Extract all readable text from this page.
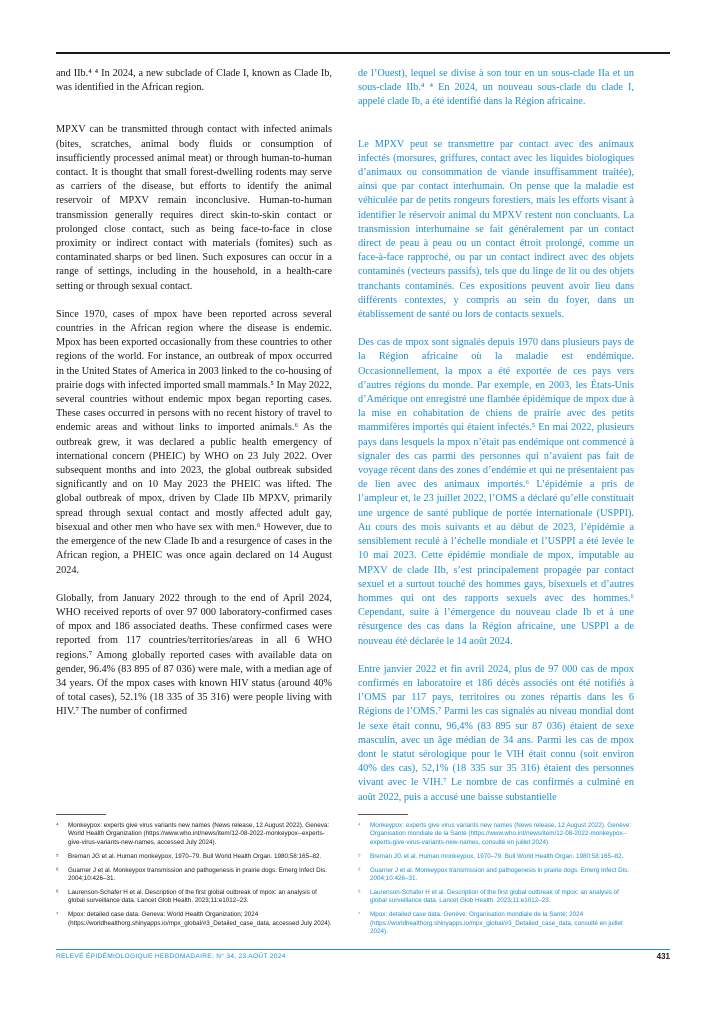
and IIb.⁴ ⁴ In 2024, a new subclade of Clade I, known as Clade Ib, was identified in the African region.

MPXV can be transmitted through contact with infected animals (bites, scratches, animal body fluids or consumption of insufficiently processed animal meat) or through human-to-human contact. It is thought that small forest-dwelling rodents may serve as carriers of the disease, but efforts to identify the animal reservoir of MPXV remain inconclusive. Human-to-human transmission generally requires direct skin-to-skin contact or prolonged close contact, such as being face-to-face in close proximity or indirect contact with materials (fomites) such as contaminated sharps or bed linen. Such exposures can occur in a range of settings, including in the household, in a health-care setting or through sexual contact.

Since 1970, cases of mpox have been reported across several countries in the African region where the disease is endemic. Mpox has been exported occasionally from these countries to other regions of the world. For instance, an outbreak of mpox occurred in the United States of America in 2003 linked to the co-housing of prairie dogs with infected imported small mammals.⁵ In May 2022, several countries without endemic mpox began reporting cases. These cases occurred in persons with no recent history of travel to endemic areas and without links to imported animals.⁶ As the outbreak grew, it was declared a public health emergency of international concern (PHEIC) by WHO on 23 July 2022. Over subsequent months and into 2023, the global outbreak subsided significantly and on 10 May 2023 the PHEIC was lifted. The global outbreak of mpox, driven by Clade IIb MPXV, primarily spread through sexual contact and mostly affected adult gay, bisexual and other men who have sex with men.⁶ However, due to the emergence of the new Clade Ib and a resurgence of cases in the African region, a PHEIC was once again declared on 14 August 2024.

Globally, from January 2022 through to the end of April 2024, WHO received reports of over 97 000 laboratory-confirmed cases of mpox and 186 associated deaths. These confirmed cases were reported from 117 countries/territories/areas in all 6 WHO regions.⁷ Among globally reported cases with available data on gender, 96.4% (83 895 of 87 036) were male, with a median age of 34 years. Of the mpox cases with known HIV status (around 40% of total cases), 52.1% (18 335 of 35 316) were people living with HIV.⁷ The number of confirmed

de l’Ouest), lequel se divise à son tour en un sous-clade IIa et un sous-clade IIb.⁴ ⁴ En 2024, un nouveau sous-clade du clade I, appelé clade Ib, a été identifié dans la Région africaine.

Le MPXV peut se transmettre par contact avec des animaux infectés (morsures, griffures, contact avec les liquides biologiques d’animaux ou consommation de viande insuffisamment traitée), ainsi que par contact interhumain. On pense que la maladie est véhiculée par de petits rongeurs forestiers, mais les efforts visant à identifier le réservoir animal du MPXV restent non concluants. La transmission interhumaine se fait généralement par un contact direct de peau à peau ou un contact étroit prolongé, comme un face-à-face rapproché, ou par un contact indirect avec des objets contaminés (vecteurs passifs), tels que du linge de lit ou des objets tranchants contaminés. Ces expositions peuvent avoir lieu dans différents contextes, y compris au sein du foyer, dans un établissement de santé ou lors de contacts sexuels.

Des cas de mpox sont signalés depuis 1970 dans plusieurs pays de la Région africaine où la maladie est endémique. Occasionnellement, la mpox a été exportée de ces pays vers d’autres régions du monde. Par exemple, en 2003, les États-Unis d’Amérique ont enregistré une flambée épidémique de mpox due à la mise en cohabitation de chiens de prairie avec des petits mammifères importés qui étaient infectés.⁵ En mai 2022, plusieurs pays dans lesquels la mpox n’était pas endémique ont commencé à signaler des cas parmi des personnes qui n’avaient pas fait de voyage récent dans des zones d’endémie et qui ne présentaient pas de lien avec des animaux importés.⁶ L’épidémie a pris de l’ampleur et, le 23 juillet 2022, l’OMS a déclaré qu’elle constituait une urgence de santé publique de portée internationale (USPPI). Au cours des mois suivants et au début de 2023, l’épidémie a sensiblement reculé à l’échelle mondiale et l’USPPI a été levée le 10 mai 2023. Cette épidémie mondiale de mpox, imputable au MPXV de clade IIb, s’est principalement propagée par contact sexuel et a surtout touché des hommes gays, bisexuels et d’autres hommes qui ont des rapports sexuels avec des hommes.⁶ Cependant, suite à l’émergence du nouveau clade Ib et à une résurgence des cas dans la Région africaine, une USPPI a de nouveau été déclarée le 14 août 2024.

Entre janvier 2022 et fin avril 2024, plus de 97 000 cas de mpox confirmés en laboratoire et 186 décès associés ont été notifiés à l’OMS par 117 pays, territoires ou zones répartis dans les 6 Régions de l’OMS.⁷ Parmi les cas signalés au niveau mondial dont le sexe était connu, 96,4% (83 895 sur 87 036) étaient de sexe masculin, avec un âge médian de 34 ans. Parmi les cas de mpox dont le statut sérologique pour le VIH était connu (soit environ 40% des cas), 52,1% (18 335 sur 35 316) étaient des personnes vivant avec le VIH.⁷ Le nombre de cas confirmés a culminé en août 2022, puis a accusé une baisse substantielle

⁴	Monkeypox: experts give virus variants new names (News release, 12 August 2022). Geneva: World Health Organization (https://www.who.int/news/item/12-08-2022-monkeypox--experts-give-virus-variants-new-names, accessed July 2024).
⁵	Breman JG et al. Human monkeypox, 1970–79. Bull World Health Organ. 1980;58:165–82.
⁶	Guarner J et al. Monkeypox transmission and pathogenesis in prairie dogs. Emerg Infect Dis. 2004;10:426–31.
⁶	Laurenson-Schafer H et al. Description of the first global outbreak of mpox: an analysis of global surveillance data. Lancet Glob Health. 2023;11:e1012–23.
⁷	Mpox: detailed case data. Geneva: World Health Organization; 2024 (https://worldhealthorg.shinyapps.io/mpx_global/#3_Detailed_case_data, accessed July 2024).
⁴	Monkeypox: experts give virus variants new names (News release, 12 August 2022). Genève: Organisation mondiale de la Santé (https://www.who.int/news/item/12-08-2022-monkeypox--experts-give-virus-variants-new-names, consulté en juillet 2024).
⁵	Breman JG et al. Human monkeypox, 1970–79. Bull World Health Organ. 1980;58:165–82.
⁶	Guarner J et al. Monkeypox transmission and pathogenesis in prairie dogs. Emerg Infect Dis. 2004;10:426–31.
⁶	Laurenson-Schafer H et al. Description of the first global outbreak of mpox: an analysis of global surveillance data. Lancet Glob Health. 2023;11:e1012–23.
⁷	Mpox: detailed case data. Genève: Organisation mondiale de la Santé; 2024 (https://worldhealthorg.shinyapps.io/mpx_global/#3_Detailed_case_data, consulté en juillet 2024).
RELEVÉ ÉPIDÉMIOLOGIQUE HEBDOMADAIRE, N° 34, 23 AOÛT 2024	431
